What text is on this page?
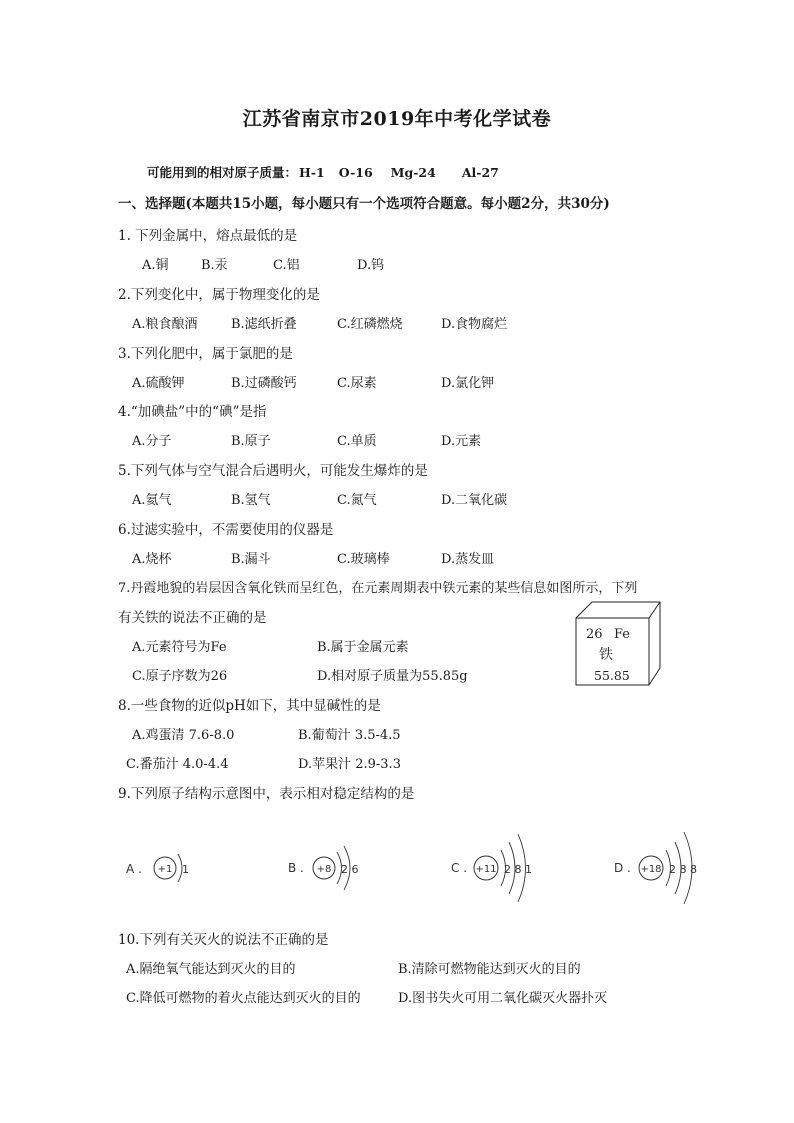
江苏省南京市2019年中考化学试卷
可能用到的相对原子质量： H-1 O-16 Mg-24 Al-27
一、选择题(本题共15小题，每小题只有一个选项符合题意。每小题2分，共30分)
1. 下列金属中，熔点最低的是
A.铜 B.汞	C.铝	D.钨
2.下列变化中，属于物理变化的是
A.粮食酿酒	B.滤纸折叠	C.红磷燃烧	D.食物腐烂
3.下列化肥中，属于氯肥的是
A.硫酸钾	B.过磷酸钙	C.尿素	D.氯化钾
4.“加碘盐”中的“碘”是指
A.分子	B.原子	C.单质	D.元素
5.下列气体与空气混合后遇明火，可能发生爆炸的是
A.氦气	B.氢气	C.氮气	D.二氧化碳
6.过滤实验中，不需要使用的仪器是
A.烧杯	B.漏斗	C.玻璃棒	D.蒸发皿
7.丹霞地貌的岩层因含氧化铁而呈红色，在元素周期表中铁元素的某些信息如图所示，下列
有关铁的说法不正确的是
A.元素符号为Fe	B.属于金属元素
C.原子序数为26	D.相对原子质量为55.85g
26 Fe
铁
55.85
8.一些食物的近似pH如下，其中显碱性的是
A.鸡蛋清 7.6-8.0	B.葡萄汁 3.5-4.5
C.番茄汁 4.0-4.4	D.苹果汁 2.9-3.3
9.下列原子结构示意图中，表示相对稳定结构的是
A . +1 1	B . +8 2 6	C . +11 2 8 1	D . +18 2 8 8
10.下列有关灭火的说法不正确的是
A.隔绝氧气能达到灭火的目的	B.清除可燃物能达到灭火的目的
C.降低可燃物的着火点能达到灭火的目的	D.图书失火可用二氧化碳灭火器扑灭
